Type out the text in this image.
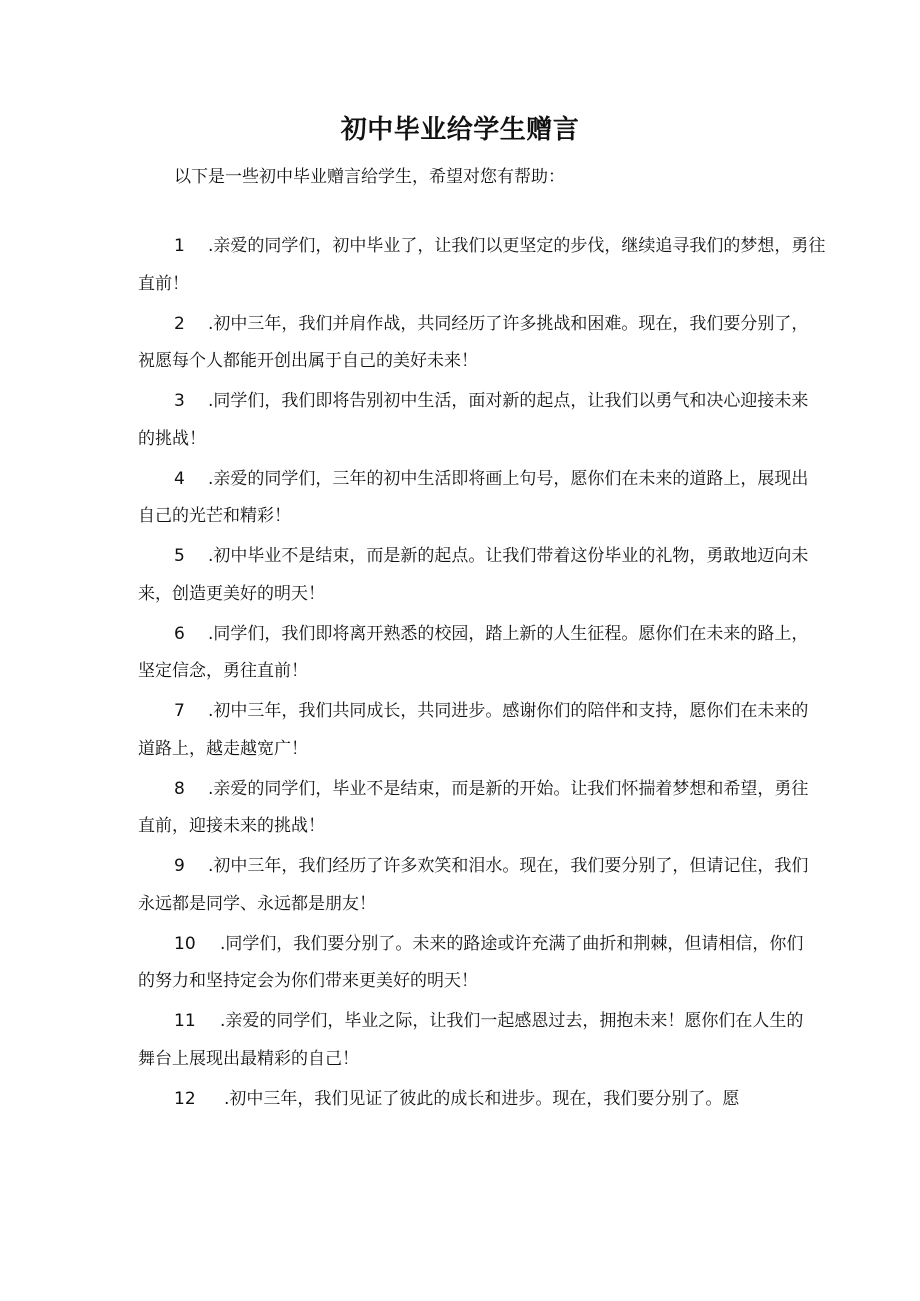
初中毕业给学生赠言
以下是一些初中毕业赠言给学生，希望对您有帮助：
1 .亲爱的同学们，初中毕业了，让我们以更坚定的步伐，继续追寻我们的梦想，勇往
直前！
2 .初中三年，我们并肩作战，共同经历了许多挑战和困难。现在，我们要分别了，
祝愿每个人都能开创出属于自己的美好未来！
3 .同学们，我们即将告别初中生活，面对新的起点，让我们以勇气和决心迎接未来
的挑战！
4 .亲爱的同学们，三年的初中生活即将画上句号，愿你们在未来的道路上，展现出
自己的光芒和精彩！
5 .初中毕业不是结束，而是新的起点。让我们带着这份毕业的礼物，勇敢地迈向未
来，创造更美好的明天！
6 .同学们，我们即将离开熟悉的校园，踏上新的人生征程。愿你们在未来的路上，
坚定信念，勇往直前！
7 .初中三年，我们共同成长，共同进步。感谢你们的陪伴和支持，愿你们在未来的
道路上，越走越宽广！
8 .亲爱的同学们，毕业不是结束，而是新的开始。让我们怀揣着梦想和希望，勇往
直前，迎接未来的挑战！
9 .初中三年，我们经历了许多欢笑和泪水。现在，我们要分别了，但请记住，我们
永远都是同学、永远都是朋友！
10 .同学们，我们要分别了。未来的路途或许充满了曲折和荆棘，但请相信，你们
的努力和坚持定会为你们带来更美好的明天！
11 .亲爱的同学们，毕业之际，让我们一起感恩过去，拥抱未来！愿你们在人生的
舞台上展现出最精彩的自己！
12 .初中三年，我们见证了彼此的成长和进步。现在，我们要分别了。愿
